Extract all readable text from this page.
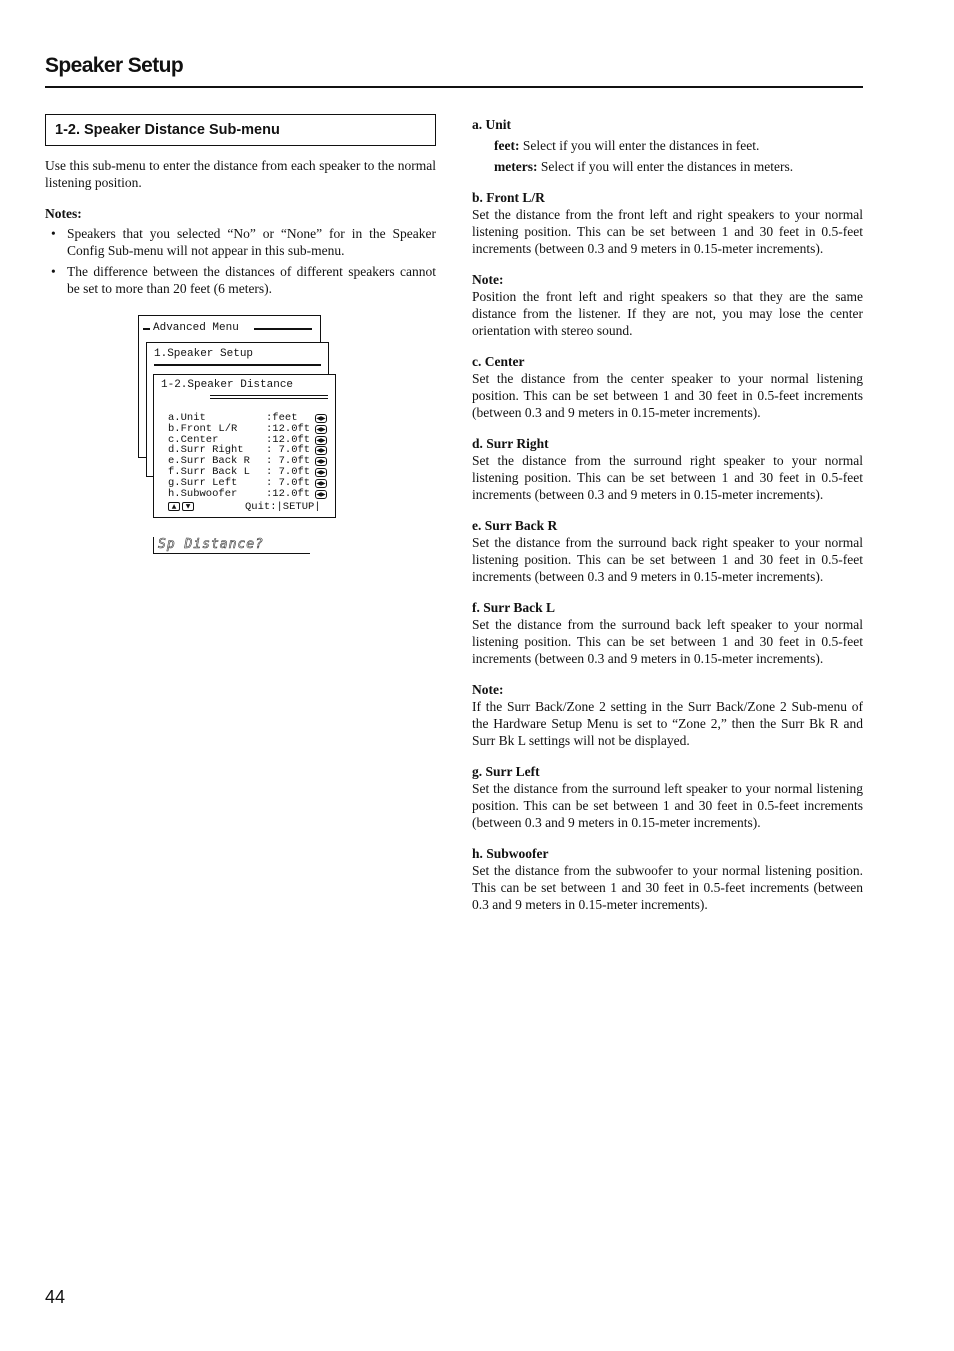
Speaker Setup
1-2. Speaker Distance Sub-menu

Use this sub-menu to enter the distance from each speaker to the normal listening position.

Notes:
• Speakers that you selected “No” or “None” for in the Speaker Config Sub-menu will not appear in this sub-menu.
• The difference between the distances of different speakers cannot be set to more than 20 feet (6 meters).
Advanced Menu
1.Speaker Setup
1-2.Speaker Distance
a.Unit	:feet	◀▶
b.Front L/R	:12.0ft ◀▶
c.Center	:12.0ft ◀▶
d.Surr Right : 7.0ft ◀▶
e.Surr Back R : 7.0ft ◀▶
f.Surr Back L : 7.0ft ◀▶
g.Surr Left	: 7.0ft ◀▶
h.Subwoofer	:12.0ft ◀▶

▲

	▼

	Quit:|SETUP|

Sp Distance?
a. Unit
feet: Select if you will enter the distances in feet.
meters: Select if you will enter the distances in meters.
b. Front L/R

Set the distance from the front left and right speakers to your normal listening position. This can be set between 1 and 30 feet in 0.5-feet increments (between 0.3 and 9 meters in 0.15-meter increments).

Note:

Position the front left and right speakers so that they are the same distance from the listener. If they are not, you may lose the center orientation with stereo sound.

c. Center

Set the distance from the center speaker to your normal listening position. This can be set between 1 and 30 feet in 0.5-feet increments (between 0.3 and 9 meters in 0.15-meter increments).

d. Surr Right

Set the distance from the surround right speaker to your normal listening position. This can be set between 1 and 30 feet in 0.5-feet increments (between 0.3 and 9 meters in 0.15-meter increments).

e. Surr Back R

Set the distance from the surround back right speaker to your normal listening position. This can be set between 1 and 30 feet in 0.5-feet increments (between 0.3 and 9 meters in 0.15-meter increments).

f. Surr Back L

Set the distance from the surround back left speaker to your normal listening position. This can be set between 1 and 30 feet in 0.5-feet increments (between 0.3 and 9 meters in 0.15-meter increments).

Note:

If the Surr Back/Zone 2 setting in the Surr Back/Zone 2 Sub-menu of the Hardware Setup Menu is set to “Zone 2,” then the Surr Bk R and Surr Bk L settings will not be displayed.

g. Surr Left

Set the distance from the surround left speaker to your normal listening position. This can be set between 1 and 30 feet in 0.5-feet increments (between 0.3 and 9 meters in 0.15-meter increments).

h. Subwoofer

Set the distance from the subwoofer to your normal listening position. This can be set between 1 and 30 feet in 0.5-feet increments (between 0.3 and 9 meters in 0.15-meter increments).

44
